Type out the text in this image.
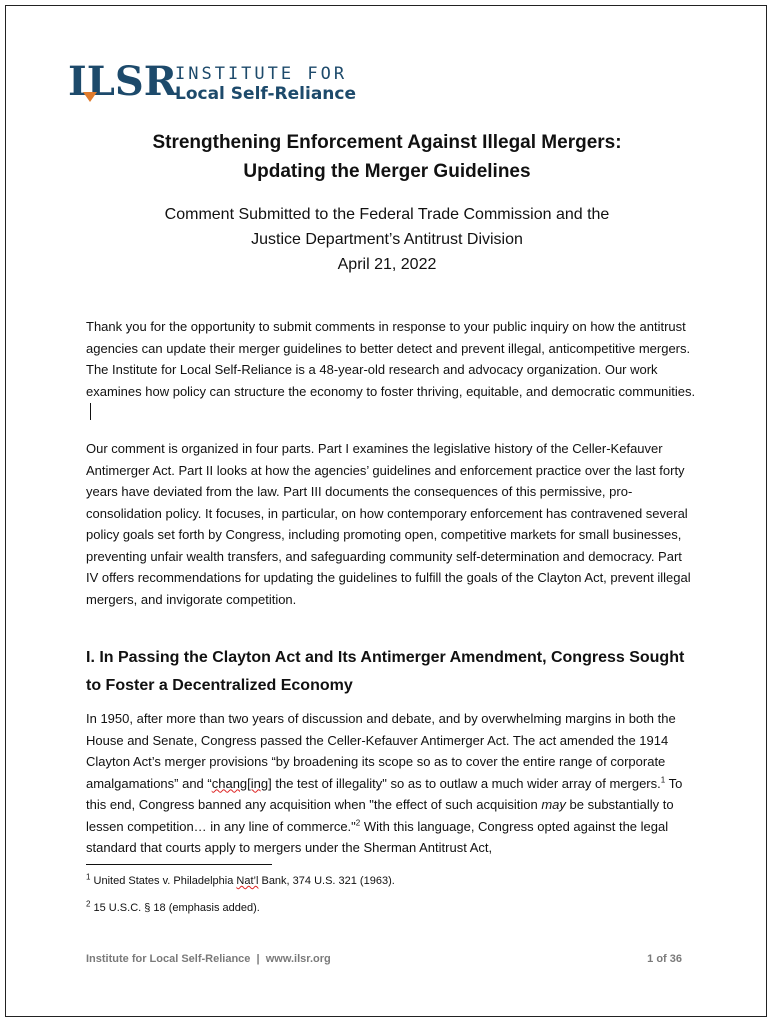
ILSR
INSTITUTE FOR
Local Self-Reliance
Strengthening Enforcement Against Illegal Mergers:
Updating the Merger Guidelines
Comment Submitted to the Federal Trade Commission and the
Justice Department’s Antitrust Division
April 21, 2022
Thank you for the opportunity to submit comments in response to your public inquiry on how the antitrust agencies can update their merger guidelines to better detect and prevent illegal, anticompetitive mergers. The Institute for Local Self-Reliance is a 48-year-old research and advocacy organization. Our work examines how policy can structure the economy to foster thriving, equitable, and democratic communities.
Our comment is organized in four parts. Part I examines the legislative history of the Celler-Kefauver Antimerger Act. Part II looks at how the agencies’ guidelines and enforcement practice over the last forty years have deviated from the law. Part III documents the consequences of this permissive, pro-consolidation policy. It focuses, in particular, on how contemporary enforcement has contravened several policy goals set forth by Congress, including promoting open, competitive markets for small businesses, preventing unfair wealth transfers, and safeguarding community self-determination and democracy. Part IV offers recommendations for updating the guidelines to fulfill the goals of the Clayton Act, prevent illegal mergers, and invigorate competition.
I. In Passing the Clayton Act and Its Antimerger Amendment, Congress Sought to Foster a Decentralized Economy
In 1950, after more than two years of discussion and debate, and by overwhelming margins in both the House and Senate, Congress passed the Celler-Kefauver Antimerger Act. The act amended the 1914 Clayton Act’s merger provisions “by broadening its scope so as to cover the entire range of corporate amalgamations” and “chang[ing] the test of illegality" so as to outlaw a much wider array of mergers.$^1$ To this end, Congress banned any acquisition when "the effect of such acquisition may be substantially to lessen competition… in any line of commerce."$^2$ With this language, Congress opted against the legal standard that courts apply to mergers under the Sherman Antitrust Act,
$^1$ United States v. Philadelphia Nat’l Bank, 374 U.S. 321 (1963).
$^2$ 15 U.S.C. § 18 (emphasis added).
Institute for Local Self-Reliance  |  www.ilsr.org	1 of 36
